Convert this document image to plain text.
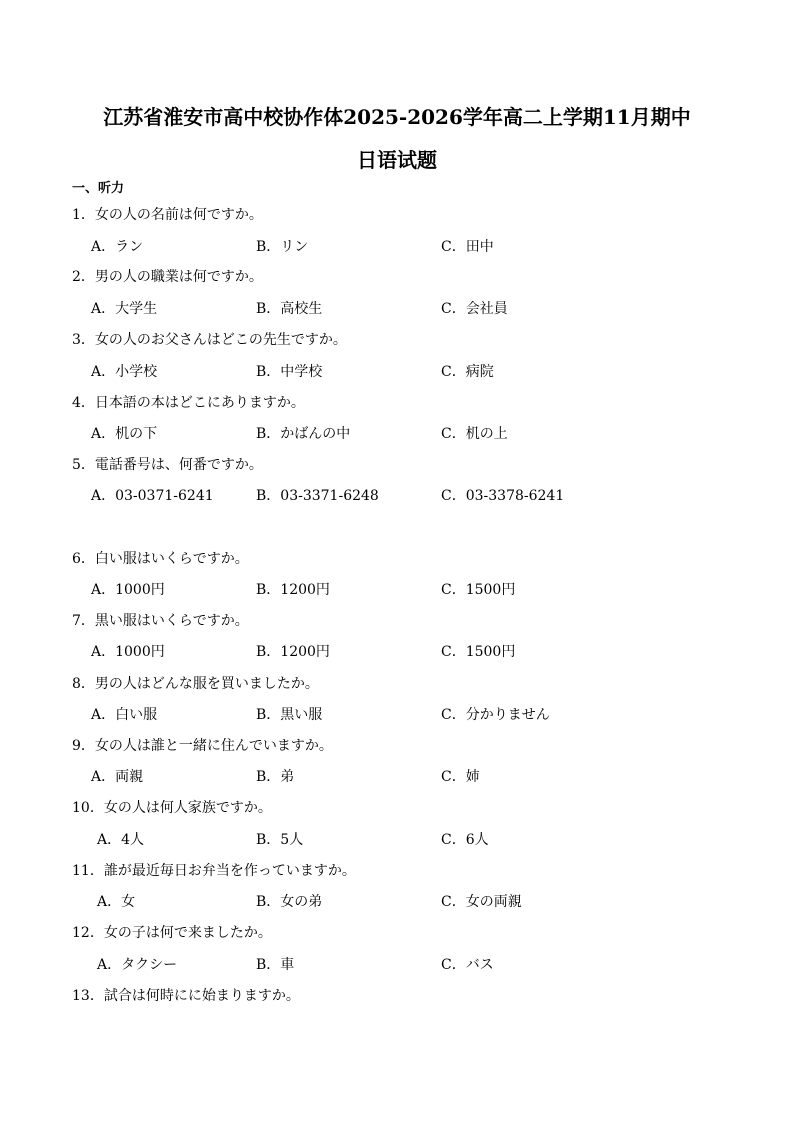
江苏省淮安市高中校协作体2025-2026学年高二上学期11月期中
日语试题
一、听力
1．女の人の名前は何ですか。
A．ラン	B．リン	C．田中
2．男の人の職業は何ですか。
A．大学生	B．高校生	C．会社員
3．女の人のお父さんはどこの先生ですか。
A．小学校	B．中学校	C．病院
4．日本語の本はどこにありますか。
A．机の下	B．かばんの中	C．机の上
5．電話番号は、何番ですか。
A．03-0371-6241	B．03-3371-6248	C．03-3378-6241
6．白い服はいくらですか。
A．1000円	B．1200円	C．1500円
7．黒い服はいくらですか。
A．1000円	B．1200円	C．1500円
8．男の人はどんな服を買いましたか。
A．白い服	B．黒い服	C．分かりません
9．女の人は誰と一緒に住んでいますか。
A．両親	B．弟	C．姉
10．女の人は何人家族ですか。
A．4人	B．5人	C．6人
11．誰が最近毎日お弁当を作っていますか。
A．女	B．女の弟	C．女の両親
12．女の子は何で来ましたか。
A．タクシー	B．車	C．バス
13．試合は何時にに始まりますか。
